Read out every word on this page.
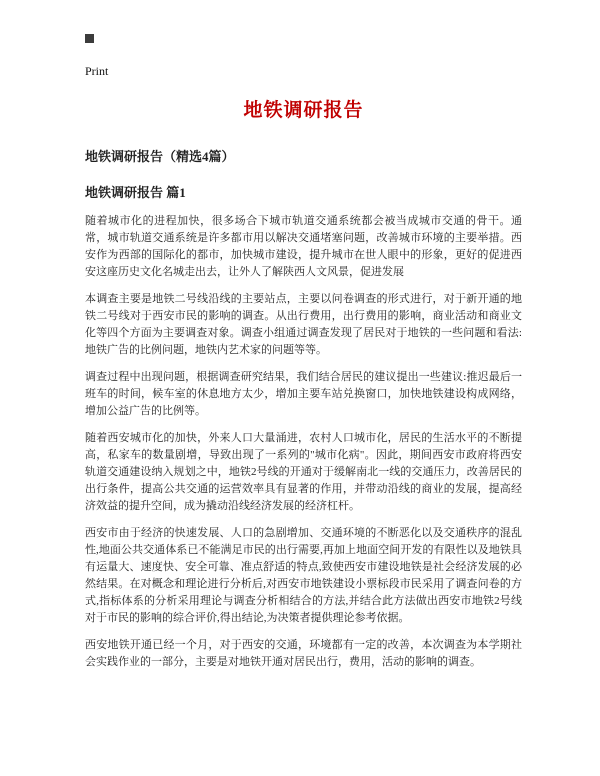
Print
地铁调研报告
地铁调研报告（精选4篇）
地铁调研报告 篇1

随着城市化的进程加快，很多场合下城市轨道交通系统都会被当成城市交通的骨干。通常，城市轨道交通系统是许多都市用以解决交通堵塞问题，改善城市环境的主要举措。西安作为西部的国际化的都市，加快城市建设，提升城市在世人眼中的形象，更好的促进西安这座历史文化名城走出去，让外人了解陕西人文风景，促进发展

本调查主要是地铁二号线沿线的主要站点，主要以问卷调查的形式进行，对于新开通的地铁二号线对于西安市民的影响的调查。从出行费用，出行费用的影响，商业活动和商业文化等四个方面为主要调查对象。调查小组通过调查发现了居民对于地铁的一些问题和看法:地铁广告的比例问题，地铁内艺术家的问题等等。

调查过程中出现问题，根据调查研究结果，我们结合居民的建议提出一些建议:推迟最后一班车的时间，候车室的休息地方太少，增加主要车站兑换窗口，加快地铁建设构成网络，增加公益广告的比例等。

随着西安城市化的加快，外来人口大量涌进，农村人口城市化，居民的生活水平的不断提高，私家车的数量剧增，导致出现了一系列的"城市化病"。因此，期间西安市政府将西安轨道交通建设纳入规划之中，地铁2号线的开通对于缓解南北一线的交通压力，改善居民的出行条件，提高公共交通的运营效率具有显著的作用，并带动沿线的商业的发展，提高经济效益的提升空间，成为撬动沿线经济发展的经济杠杆。

西安市由于经济的快速发展、人口的急剧增加、交通环境的不断恶化以及交通秩序的混乱性,地面公共交通体系已不能满足市民的出行需要,再加上地面空间开发的有限性以及地铁具有运量大、速度快、安全可靠、准点舒适的特点,致使西安市建设地铁是社会经济发展的必然结果。在对概念和理论进行分析后,对西安市地铁建设小票标段市民采用了调查问卷的方式,指标体系的分析采用理论与调查分析相结合的方法,并结合此方法做出西安市地铁2号线对于市民的影响的综合评价,得出结论,为决策者提供理论参考依据。

西安地铁开通已经一个月，对于西安的交通，环境都有一定的改善，本次调查为本学期社会实践作业的一部分，主要是对地铁开通对居民出行，费用，活动的影响的调查。
